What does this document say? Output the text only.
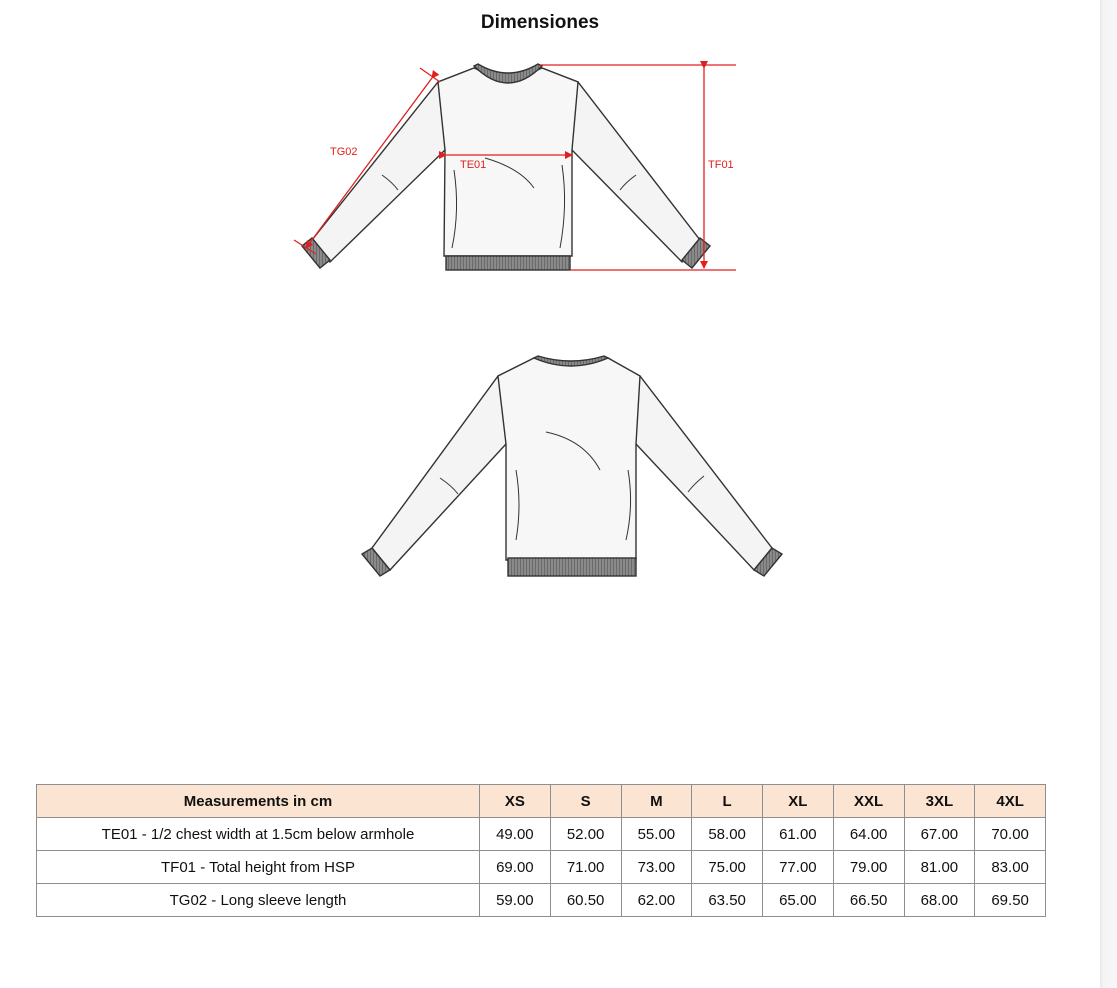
Dimensiones
TG02
TE01	TF01
Measurements in cm	XS	S	M	L	XL	XXL	3XL	4XL
TE01 - 1/2 chest width at 1.5cm below armhole	49.00	52.00	55.00	58.00	61.00	64.00	67.00	70.00
TF01 - Total height from HSP	69.00	71.00	73.00	75.00	77.00	79.00	81.00	83.00
TG02 - Long sleeve length	59.00	60.50	62.00	63.50	65.00	66.50	68.00	69.50
